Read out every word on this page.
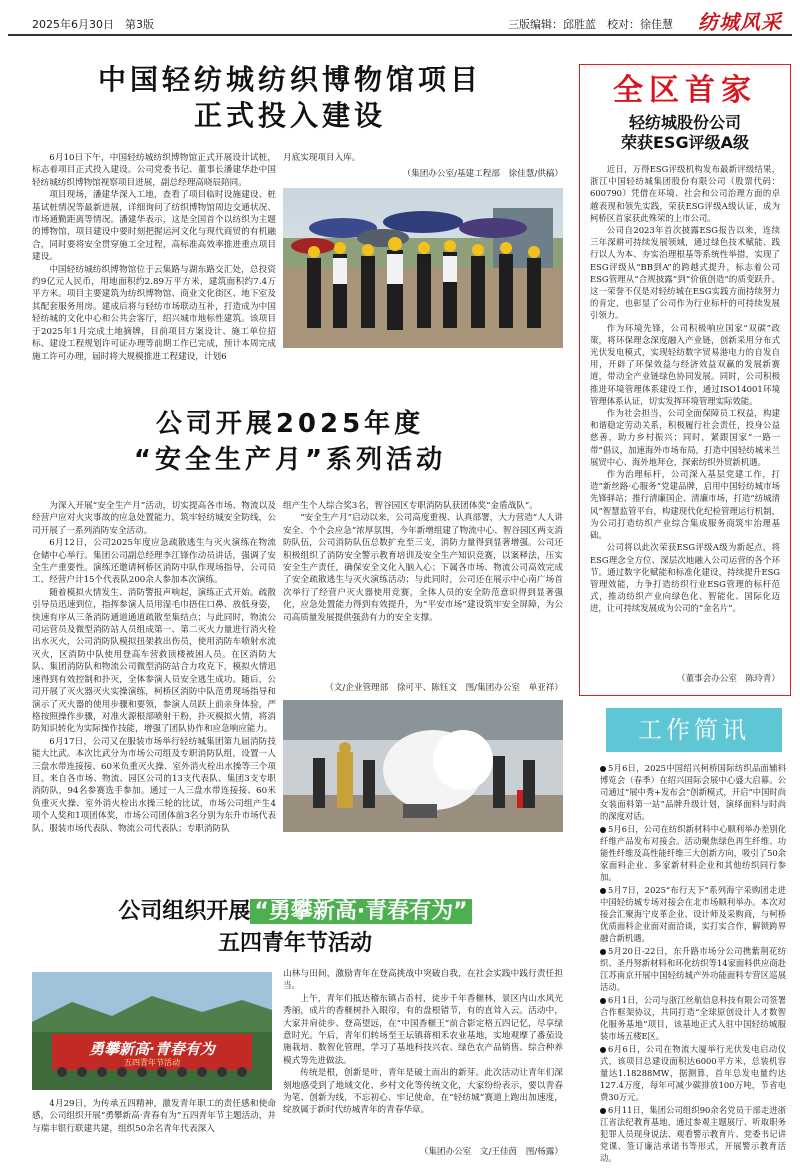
2025年6月30日　第3版	三版编辑：邱胜蓝　校对：徐佳慧 纺城风采
中国轻纺城纺织博物馆项目
正式投入建设

6月10日下午，中国轻纺城纺织博物馆正式开展设计试桩，标志着项目正式投入建设。公司党委书记、董事长潘建华赴中国轻纺城纺织博物馆视察项目进展，副总经理高晓辰陪同。

项目现场，潘建华深入工地，查看了项目临时设施建设、桩基试桩情况等最新进展，详细询问了纺织博物馆周边交通状况、市场通勤距离等情况。潘建华表示，这是全国首个以纺织为主题的博物馆，项目建设中要时刻把握运河文化与现代商贸的有机融合，同时要将安全贯穿施工全过程，高标准高效率推进重点项目建设。

中国轻纺城纺织博物馆位于云集路与湖东路交汇处，总投资约9亿元人民币，用地面积约2.89万平方米，建筑面积约7.4万平方米。项目主要建筑为纺织博物馆、商业文化街区、地下室及其配套服务用房。建成后将与轻纺市场联动互补，打造成为中国轻纺城的文化中心和公共会客厅，绍兴城市地标性建筑。该项目于2025年1月完成土地摘牌，目前项目方案设计、施工单位招标、建设工程规划许可证办理等前期工作已完成，预计本周完成施工许可办理，届时将大规模推进工程建设，计划6

月底实现项目入库。

（集团办公室/基建工程部　徐佳慧/供稿）
公司开展2025年度
“安全生产月”系列活动

为深入开展“安全生产月”活动，切实提高各市场、物流以及经营户应对火灾事故的应急处置能力，筑牢轻纺城安全防线，公司开展了一系列消防安全活动。

6月12日，公司2025年度应急疏散逃生与灭火演练在物流仓储中心举行。集团公司副总经理李江锋作动员讲话，强调了安全生产重要性。演练还邀请柯桥区消防中队作现场指导，公司员工、经营户计15个代表队200余人参加本次演练。

随着模拟火情发生、消防警报声响起，演练正式开始。疏散引导员迅速到位，指挥参演人员用湿毛巾捂住口鼻、放低身姿，快速有序从三条消防通道通道疏散至集结点；与此同时，物流公司运营员及微型消防站人员组成第一、第二灭火力量进行消火栓出水灭火，公司消防队模拟扭架救出伤员，使用消防车喷射水流灭火，区消防中队使用登高车营救顶楼被困人员。在区消防大队、集团消防队和物流公司微型消防站合力攻克下，模拟火情迅速得到有效控制和扑灭，全体参演人员安全逃生成功。随后，公司开展了灭火器灭火实操演练，柯桥区消防中队范勇现场指导和演示了灭火器的使用步骤和要领，参演人员跃上前亲身体验，严格按照操作步骤，对准火源根部喷射干粉，扑灭模拟火情，将消防知识转化为实际操作技能，增强了团队协作和应急响应能力。

6月17日，公司又在服装市场举行轻纺城集团第九届消防技能大比武。本次比武分为市场公司组及专职消防队组，设置一人三盘水带连接接、60米负重灭火操、室外消火栓出水操等三个项目。来自各市场、物流、园区公司的13支代表队、集团3支专职消防队，94名参赛选手参加。通过一人三盘水带连接接、60米负重灭火操、室外消火栓出水操三轮的比试，市场公司组产生4项个人奖和1项团体奖，市场公司团体前3名分别为东升市场代表队、服装市场代表队、物流公司代表队；专职消防队

组产生个人综合奖3名，智谷园区专职消防队获团体奖“金盾战队”。

“安全生产月”启动以来，公司高度重视、认真部署，大力营造“人人讲安全、个个会应急”浓厚氛围，今年新增组建了物流中心、智谷园区两支消防队伍，公司消防队伍总数扩充至三支，消防力量得到显著增强。公司还积极组织了消防安全警示教育培训及安全生产知识竞赛，以案释法，压实安全生产责任，确保安全文化入脑入心；下属各市场、物流公司高效完成了安全疏散逃生与灭火演练活动；与此同时，公司还在展示中心南广场首次举行了经营户灭火器使用竞赛，全体人员的安全防范意识得到显著强化，应急处置能力得到有效提升，为“平安市场”建设筑牢安全屏障，为公司高质量发展提供强劲有力的安全支撑。

（文/企业管理部　徐可平、陈钰文　图/集团办公室　单亚祥）
公司组织开展 “勇攀新高·青春有为”
五四青年节活动
勇攀新高·青春有为
五四青年节活动

4月29日，为传承五四精神，激发青年职工的责任感和使命感，公司组织开展“勇攀新高·青春有为”五四青年节主题活动，并与瑞丰银行联建共建，组织50余名青年代表深入

山林与田间，激励青年在登高挑战中突破自我，在社会实践中践行责任担当。

上午，青年们抵达稽东镇占岙村，徒步千年香榧林，景区内山水风光秀丽，成片的香榧树扑入眼帘，有的盘根错节，有的直耸入云。活动中，大家并肩徒步、登高望远，在“中国香榧王”前合影定格五四记忆，尽享绿意时光。午后，青年们转场至王坛镇蒋相禾农业基地，实地观摩了番茄设施栽培、数智化管理，学习了基地科技兴农、绿色农产品销售、综合种养模式等先进做法。

传统是根，创新是叶，青年是破土而出的新芽。此次活动让青年们深刻地感受到了地域文化、乡村文化等传统文化，大家纷纷表示，要以青春为笔、创新为线，不忘初心、牢记使命，在“轻纺城”赛道上跑出加速度，绽放属于新时代纺城青年的青春华章。

（集团办公室　文/王佳茵　图/杨露）
全区首家
轻纺城股份公司
荣获ESG评级A级

近日，万得ESG评级机构发布最新评级结果，浙江中国轻纺城集团股份有限公司（股票代码：600790）凭借在环境、社会和公司治理方面的卓越表现和领先实践，荣获ESG评级A级认证，成为柯桥区首家获此殊荣的上市公司。

公司自2023年首次披露ESG报告以来，连续三年深耕可持续发展领域，通过绿色技术赋能、践行以人为本、夯实治理根基等系统性举措，实现了ESG评级从“BB到A”的跨越式提升，标志着公司ESG管理从“合规披露”到“价值创造”的质变跃升。这一荣誉不仅是对轻纺城在ESG实践方面持续努力的肯定，也彰显了公司作为行业标杆的可持续发展引领力。

作为环境先锋，公司积极响应国家“双碳”政策，将环保理念深度融入产业链，创新采用分布式光伏发电模式，实现轻纺数字贸易港电力的自发自用，开辟了环保效益与经济效益双赢的发展新赛道，带动全产业链绿色协同发展。同时，公司积极推进环境管理体系建设工作，通过ISO14001环境管理体系认证，切实发挥环境管理实际效能。

作为社会担当，公司全面保障员工权益，构建和谐稳定劳动关系，积极履行社会责任，投身公益慈善，助力乡村振兴；同时，紧跟国家“一路一带”倡议，加速海外市场布局，打造中国轻纺城米兰展贸中心、海外地拜仓，探索纺织外贸新机遇。

作为治理标杆，公司深入基层党建工作，打造“新丝路·心服务”党建品牌，启用中国轻纺城市场先锋驿站；推行清廉国企、清廉市场，打造“纺城清风”智慧监管平台，构建现代化纪检管理运行机制，为公司打造纺织产业综合集成服务商筑牢治理基础。

公司将以此次荣获ESG评级A级为新起点，将ESG理念全方位、深层次地融入公司运营的各个环节。通过数字化赋能和标准化建设，持续提升ESG管理效能，力争打造纺织行业ESG管理的标杆范式，推动纺织产业向绿色化、智能化、国际化迈进，让可持续发展成为公司的“金名片”。

（董事会办公室　陈玲青）
工作简讯

5月6日，2025中国绍兴柯桥国际纺织品面辅料博览会（春季）在绍兴国际会展中心盛大启幕。公司通过“展中秀+发布会”创新模式，开启“中国时尚女装面料第一站”品牌升级计划，演绎面料与时尚的深度对话。

5月6日，公司在纺织新材料中心顺利举办差别化纤维产品发布对接会。活动聚焦绿色再生纤维、功能性纤维及高性能纤维三大创新方向，吸引了50余家面料企业、多家新材料企业和其他纺织同行参加。

5月7日，2025“布行天下”系列海宁采购团走进中国轻纺城专场对接会在北市场顺利举办。本次对接会汇聚海宁皮革企业、设计师及采购商，与柯桥优质面料企业面对面洽谈，实打实合作，解锁跨界融合新机遇。

5月20日-22日，东升路市场分公司携紫荆花纺织、圣丹努新材料和环化纺织等14家面料供应商赴江苏南京开展中国轻纺城产外功能面料专营区巡展活动。

6月1日，公司与浙江丝航信息科技有限公司签署合作框架协议，共同打造“全球原创设计人才数智化服务基地”项目，该基地正式入驻中国轻纺城服装市场五楼E区。

6月6日，公司在物流大厦举行光伏发电启动仪式，该项目总建设面积达6000平方米，总装机容量达1.18288MW，据测算，首年总发电量约达127.4万度，每年可减少碳排放100万吨，节省电费30万元。

6月11日，集团公司组织90余名党员干部走进浙江省法纪教育基地，通过参观主题展厅、听取职务犯罪人员现身说法、观看警示教育片、党委书记讲党课、签订廉洁承诺书等形式，开展警示教育活动。
